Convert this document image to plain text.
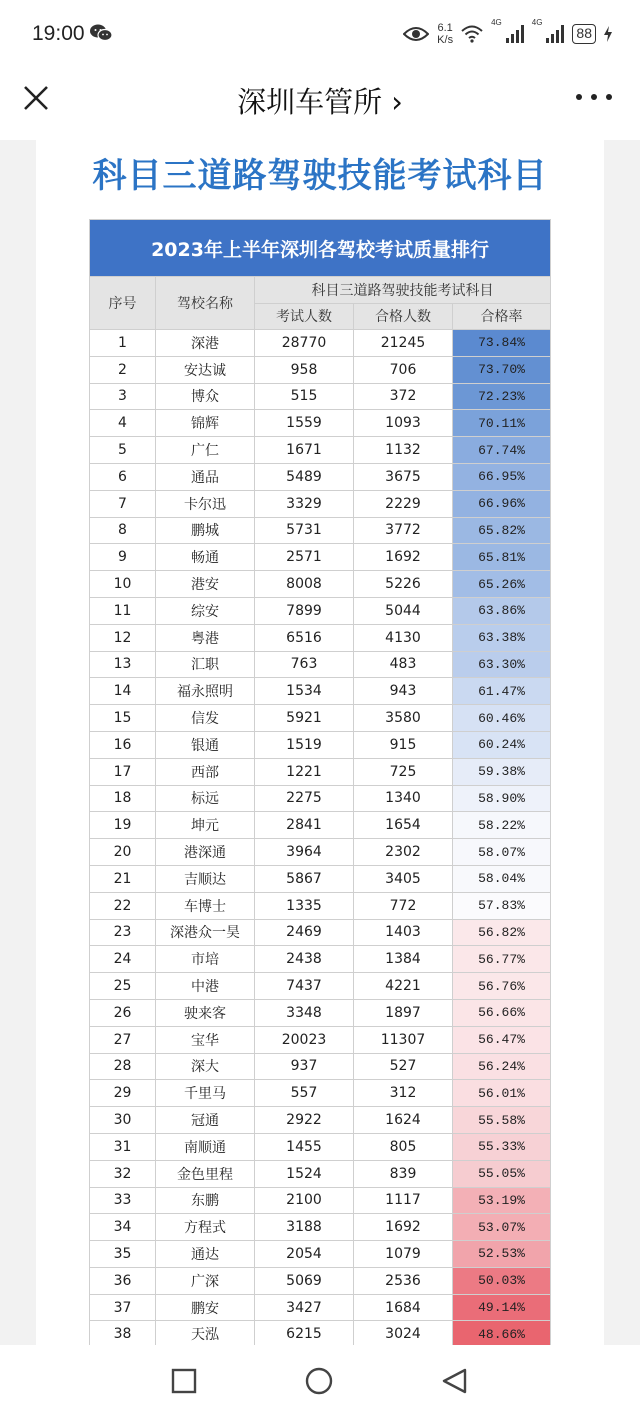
19:00	6.1
K/s
4G	4G
88
深圳车管所 ›
科目三道路驾驶技能考试科目
2023年上半年深圳各驾校考试质量排行				
序号	驾校名称	科目三道路驾驶技能考试科目		
		考试人数	合格人数	合格率
1	深港	28770	21245	73.84%
2	安达诚	958	706	73.70%
3	博众	515	372	72.23%
4	锦辉	1559	1093	70.11%
5	广仁	1671	1132	67.74%
6	通品	5489	3675	66.95%
7	卡尔迅	3329	2229	66.96%
8	鹏城	5731	3772	65.82%
9	畅通	2571	1692	65.81%
10	港安	8008	5226	65.26%
11	综安	7899	5044	63.86%
12	粤港	6516	4130	63.38%
13	汇职	763	483	63.30%
14	福永照明	1534	943	61.47%
15	信发	5921	3580	60.46%
16	银通	1519	915	60.24%
17	西部	1221	725	59.38%
18	标远	2275	1340	58.90%
19	坤元	2841	1654	58.22%
20	港深通	3964	2302	58.07%
21	吉顺达	5867	3405	58.04%
22	车博士	1335	772	57.83%
23	深港众一昊	2469	1403	56.82%
24	市培	2438	1384	56.77%
25	中港	7437	4221	56.76%
26	驶来客	3348	1897	56.66%
27	宝华	20023	11307	56.47%
28	深大	937	527	56.24%
29	千里马	557	312	56.01%
30	冠通	2922	1624	55.58%
31	南顺通	1455	805	55.33%
32	金色里程	1524	839	55.05%
33	东鹏	2100	1117	53.19%
34	方程式	3188	1692	53.07%
35	通达	2054	1079	52.53%
36	广深	5069	2536	50.03%
37	鹏安	3427	1684	49.14%
38	天泓	6215	3024	48.66%
